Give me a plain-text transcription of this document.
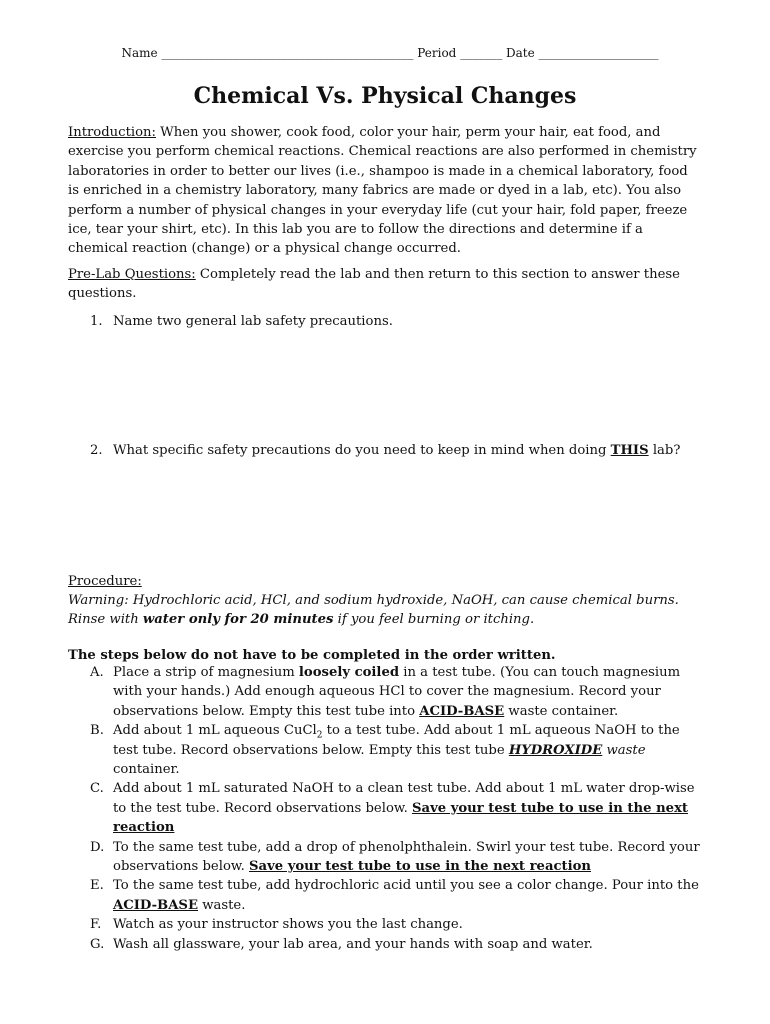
Name __________________________________________ Period _______ Date ____________________
Chemical Vs. Physical Changes

Introduction: When you shower, cook food, color your hair, perm your hair, eat food, and exercise you perform chemical reactions. Chemical reactions are also performed in chemistry laboratories in order to better our lives (i.e., shampoo is made in a chemical laboratory, food is enriched in a chemistry laboratory, many fabrics are made or dyed in a lab, etc). You also perform a number of physical changes in your everyday life (cut your hair, fold paper, freeze ice, tear your shirt, etc). In this lab you are to follow the directions and determine if a chemical reaction (change) or a physical change occurred.

Pre-Lab Questions: Completely read the lab and then return to this section to answer these questions.

1. Name two general lab safety precautions.
2. What specific safety precautions do you need to keep in mind when doing THIS lab?

Procedure:

Warning: Hydrochloric acid, HCl, and sodium hydroxide, NaOH, can cause chemical burns. Rinse with water only for 20 minutes if you feel burning or itching.

The steps below do not have to be completed in the order written.
A. Place a strip of magnesium loosely coiled in a test tube. (You can touch magnesium with your hands.) Add enough aqueous HCl to cover the magnesium. Record your observations below. Empty this test tube into ACID-BASE waste container.
B. Add about 1 mL aqueous CuCl$_2$ to a test tube. Add about 1 mL aqueous NaOH to the test tube. Record observations below. Empty this test tube HYDROXIDE waste container.
C. Add about 1 mL saturated NaOH to a clean test tube. Add about 1 mL water drop-wise to the test tube. Record observations below. Save your test tube to use in the next reaction
D. To the same test tube, add a drop of phenolphthalein. Swirl your test tube. Record your observations below. Save your test tube to use in the next reaction
E. To the same test tube, add hydrochloric acid until you see a color change. Pour into the ACID-BASE waste.
F. Watch as your instructor shows you the last change.
G. Wash all glassware, your lab area, and your hands with soap and water.
